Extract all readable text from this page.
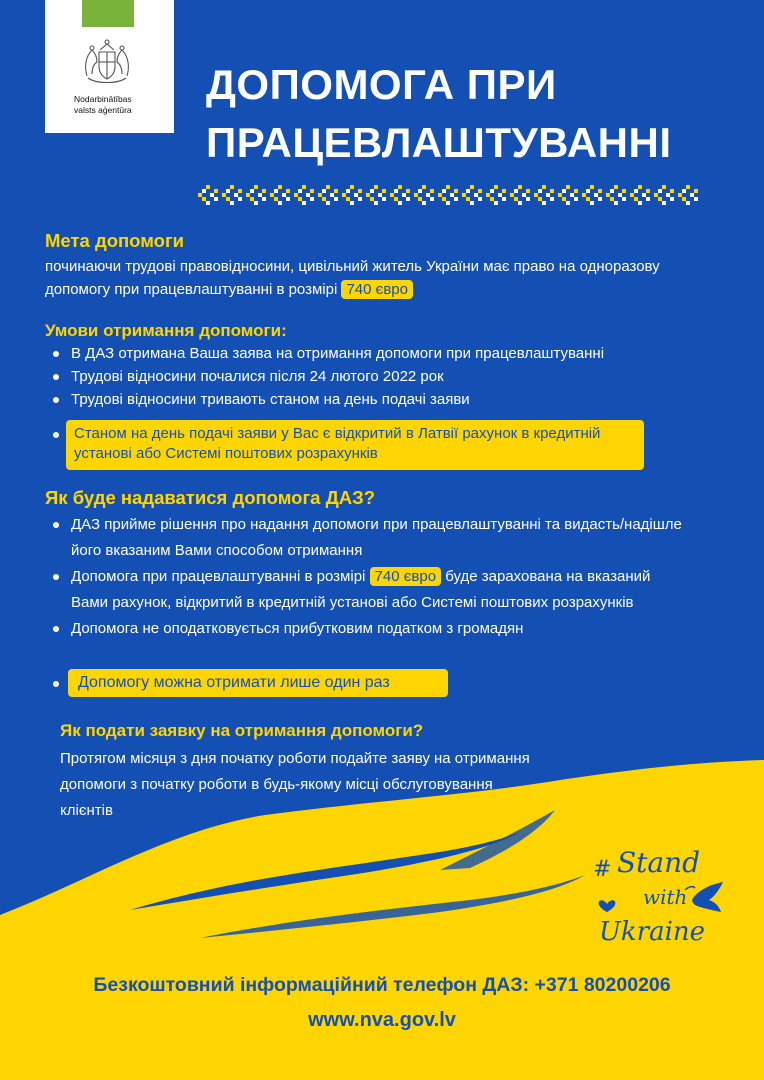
Nodarbinātības
valsts aģentūra
ДОПОМОГА ПРИ
ПРАЦЕВЛАШТУВАННІ
Мета допомоги
починаючи трудові правовідносини, цивільний житель України має право на одноразову допомогу при працевлаштуванні в розмірі 740 євро
Умови отримання допомоги:
В ДАЗ отримана Ваша заява на отримання допомоги при працевлаштуванні
Трудові відносини почалися після 24 лютого 2022 рок
Трудові відносини тривають станом на день подачі заяви
Станом на день подачі заяви у Вас є відкритий в Латвії рахунок в кредитній установі або Системі поштових розрахунків
Як буде надаватися допомога ДАЗ?
ДАЗ прийме рішення про надання допомоги при працевлаштуванні та видасть/надішле його вказаним Вами способом отримання
Допомога при працевлаштуванні в розмірі 740 євро буде зарахована на вказаний Вами рахунок, відкритий в кредитній установі або Системі поштових розрахунків
Допомога не оподатковується прибутковим податком з громадян
Допомогу можна отримати лише один раз
Як подати заявку на отримання допомоги?
Протягом місяця з дня початку роботи подайте заяву на отримання допомоги з початку роботи в будь-якому місці обслуговування клієнтів
# Stand
with
Ukraine
Безкоштовний інформаційний телефон ДАЗ: +371 80200206
www.nva.gov.lv
